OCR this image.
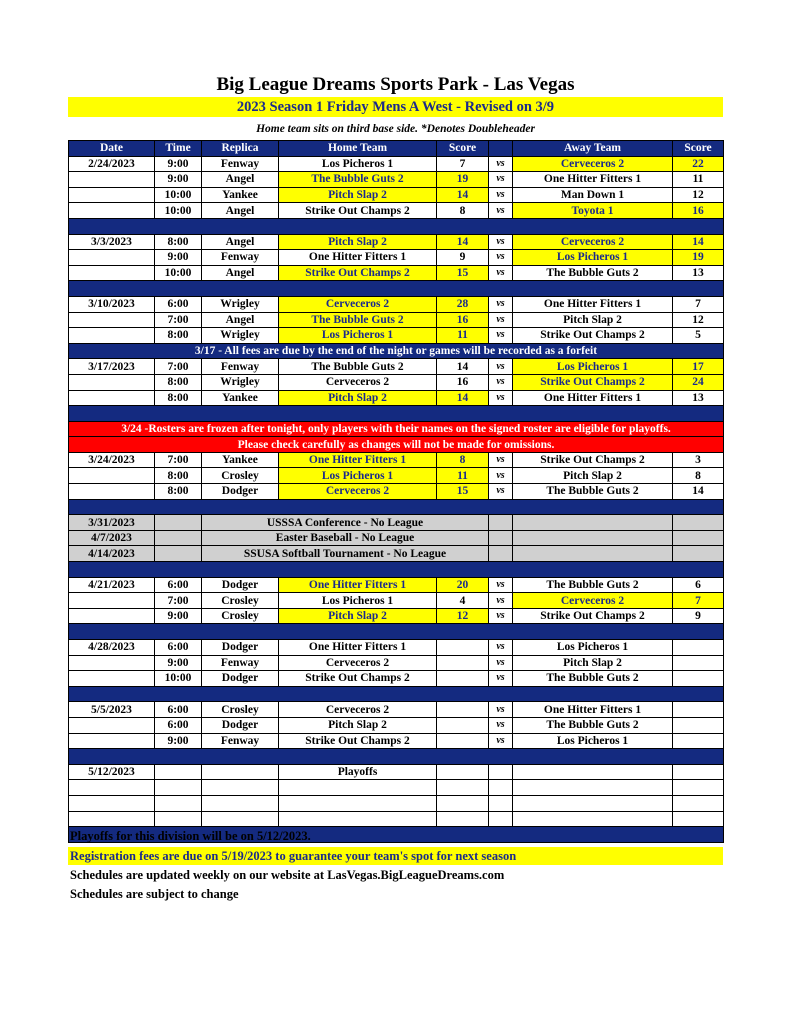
Big League Dreams Sports Park - Las Vegas
2023 Season 1 Friday Mens A West - Revised on 3/9
Home team sits on third base side. *Denotes Doubleheader
Date	Time	Replica	Home Team	Score		Away Team	Score
2/24/2023	9:00	Fenway	Los Picheros 1	7	vs	Cerveceros 2	22
	9:00	Angel	The Bubble Guts 2	19	vs	One Hitter Fitters 1	11
	10:00	Yankee	Pitch Slap 2	14	vs	Man Down 1	12
	10:00	Angel	Strike Out Champs 2	8	vs	Toyota 1	16

3/3/2023	8:00	Angel	Pitch Slap 2	14	vs	Cerveceros 2	14
	9:00	Fenway	One Hitter Fitters 1	9	vs	Los Picheros 1	19
	10:00	Angel	Strike Out Champs 2	15	vs	The Bubble Guts 2	13

3/10/2023	6:00	Wrigley	Cerveceros 2	28	vs	One Hitter Fitters 1	7
	7:00	Angel	The Bubble Guts 2	16	vs	Pitch Slap 2	12
	8:00	Wrigley	Los Picheros 1	11	vs	Strike Out Champs 2	5
3/17 - All fees are due by the end of the night or games will be recorded as a forfeit							
3/17/2023	7:00	Fenway	The Bubble Guts 2	14	vs	Los Picheros 1	17
	8:00	Wrigley	Cerveceros 2	16	vs	Strike Out Champs 2	24
	8:00	Yankee	Pitch Slap 2	14	vs	One Hitter Fitters 1	13

3/24 -Rosters are frozen after tonight, only players with their names on the signed roster are eligible for playoffs.							
Please check carefully as changes will not be made for omissions.							
3/24/2023	7:00	Yankee	One Hitter Fitters 1	8	vs	Strike Out Champs 2	3
	8:00	Crosley	Los Picheros 1	11	vs	Pitch Slap 2	8
	8:00	Dodger	Cerveceros 2	15	vs	The Bubble Guts 2	14

3/31/2023		USSSA Conference - No League					
4/7/2023		Easter Baseball - No League					
4/14/2023		SSUSA Softball Tournament - No League					

4/21/2023	6:00	Dodger	One Hitter Fitters 1	20	vs	The Bubble Guts 2	6
	7:00	Crosley	Los Picheros 1	4	vs	Cerveceros 2	7
	9:00	Crosley	Pitch Slap 2	12	vs	Strike Out Champs 2	9

4/28/2023	6:00	Dodger	One Hitter Fitters 1		vs	Los Picheros 1	
	9:00	Fenway	Cerveceros 2		vs	Pitch Slap 2	
	10:00	Dodger	Strike Out Champs 2		vs	The Bubble Guts 2	

5/5/2023	6:00	Crosley	Cerveceros 2		vs	One Hitter Fitters 1	
	6:00	Dodger	Pitch Slap 2		vs	The Bubble Guts 2	
	9:00	Fenway	Strike Out Champs 2		vs	Los Picheros 1	

5/12/2023			Playoffs				

Playoffs for this division will be on 5/12/2023.
Registration fees are due on 5/19/2023 to guarantee your team's spot for next season
Schedules are updated weekly on our website at LasVegas.BigLeagueDreams.com
Schedules are subject to change
